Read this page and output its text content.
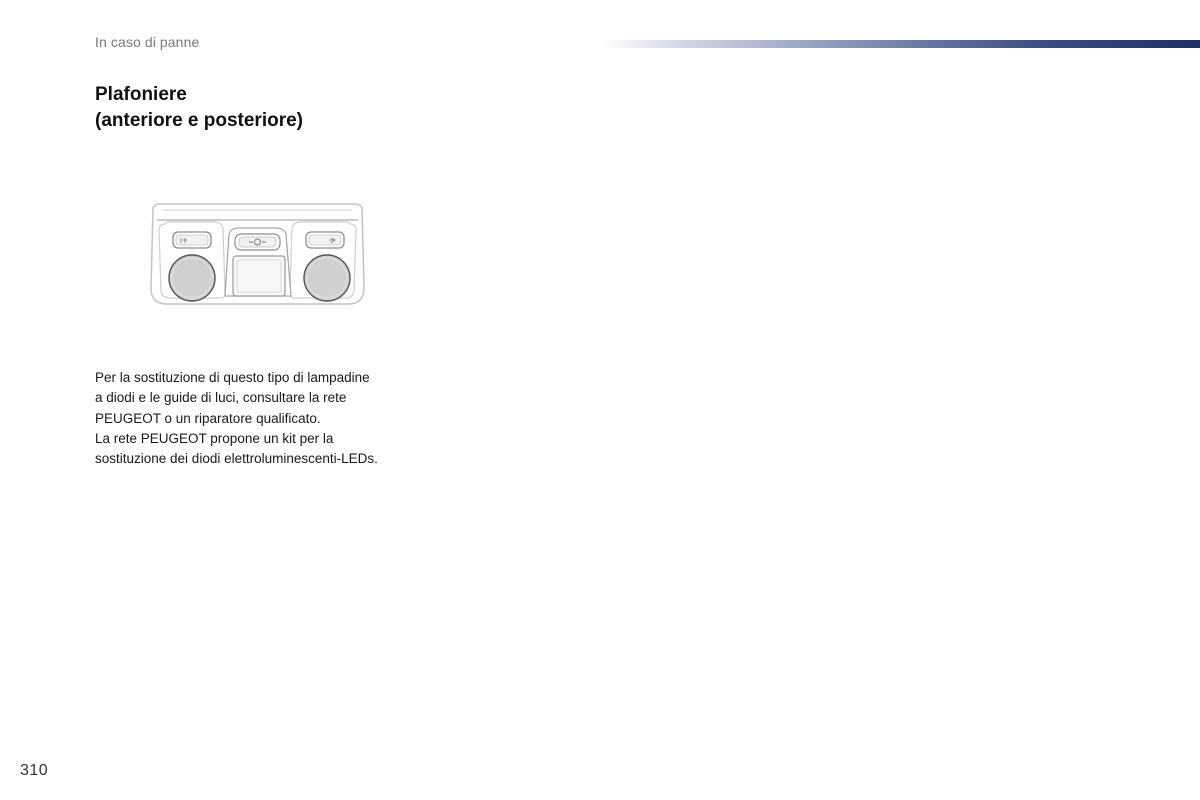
In caso di panne
Plafoniere
(anteriore e posteriore)

Per la sostituzione di questo tipo di lampadine

a diodi e le guide di luci, consultare la rete

PEUGEOT o un riparatore qualificato.

La rete PEUGEOT propone un kit per la

sostituzione dei diodi elettroluminescenti-LEDs.

310
